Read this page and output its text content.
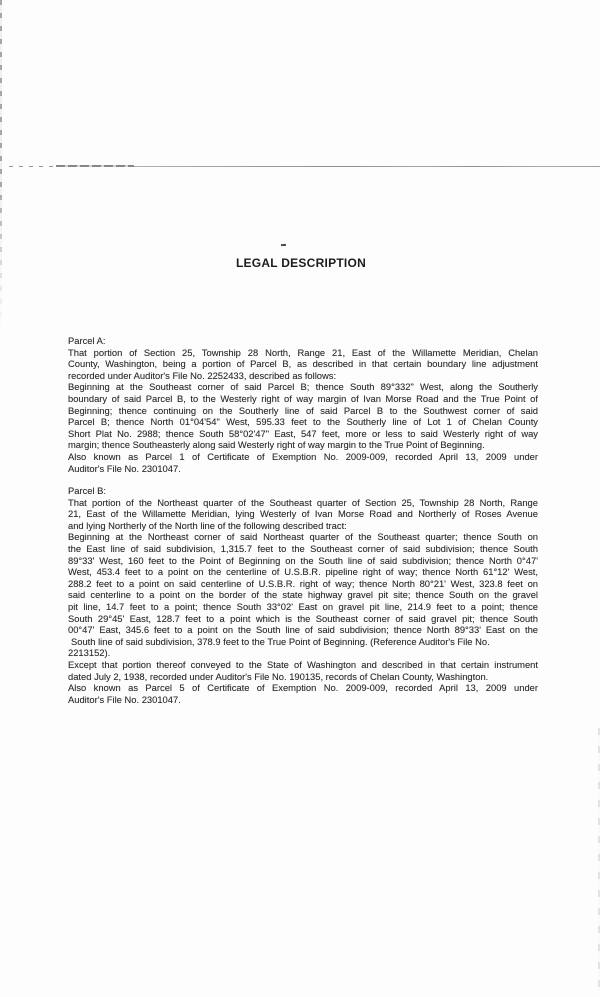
LEGAL DESCRIPTION
Parcel A:
That portion of Section 25, Township 28 North, Range 21, East of the Willamette Meridian, Chelan
County, Washington, being a portion of Parcel B, as described in that certain boundary line adjustment
recorded under Auditor's File No. 2252433, described as follows:
Beginning at the Southeast corner of said Parcel B; thence South 89°332" West, along the Southerly
boundary of said Parcel B, to the Westerly right of way margin of Ivan Morse Road and the True Point of
Beginning; thence continuing on the Southerly line of said Parcel B to the Southwest corner of said
Parcel B; thence North 01°04'54" West, 595.33 feet to the Southerly line of Lot 1 of Chelan County
Short Plat No. 2988; thence South 58°02'47" East, 547 feet, more or less to said Westerly right of way
margin; thence Southeasterly along said Westerly right of way margin to the True Point of Beginning.
Also known as Parcel 1 of Certificate of Exemption No. 2009-009, recorded April 13, 2009 under
Auditor's File No. 2301047.
Parcel B:
That portion of the Northeast quarter of the Southeast quarter of Section 25, Township 28 North, Range
21, East of the Willamette Meridian, lying Westerly of Ivan Morse Road and Northerly of Roses Avenue
and lying Northerly of the North line of the following described tract:
Beginning at the Northeast corner of said Northeast quarter of the Southeast quarter; thence South on
the East line of said subdivision, 1,315.7 feet to the Southeast corner of said subdivision; thence South
89°33' West, 160 feet to the Point of Beginning on the South line of said subdivision; thence North 0°47'
West, 453.4 feet to a point on the centerline of U.S.B.R. pipeline right of way; thence North 61°12' West,
288.2 feet to a point on said centerline of U.S.B.R. right of way; thence North 80°21' West, 323.8 feet on
said centerline to a point on the border of the state highway gravel pit site; thence South on the gravel
pit line, 14.7 feet to a point; thence South 33°02' East on gravel pit line, 214.9 feet to a point; thence
South 29°45' East, 128.7 feet to a point which is the Southeast corner of said gravel pit; thence South
00°47' East, 345.6 feet to a point on the South line of said subdivision; thence North 89°33' East on the
South line of said subdivision, 378.9 feet to the True Point of Beginning. (Reference Auditor's File No.
2213152).
Except that portion thereof conveyed to the State of Washington and described in that certain instrument
dated July 2, 1938, recorded under Auditor's File No. 190135, records of Chelan County, Washington.
Also known as Parcel 5 of Certificate of Exemption No. 2009-009, recorded April 13, 2009 under
Auditor's File No. 2301047.
